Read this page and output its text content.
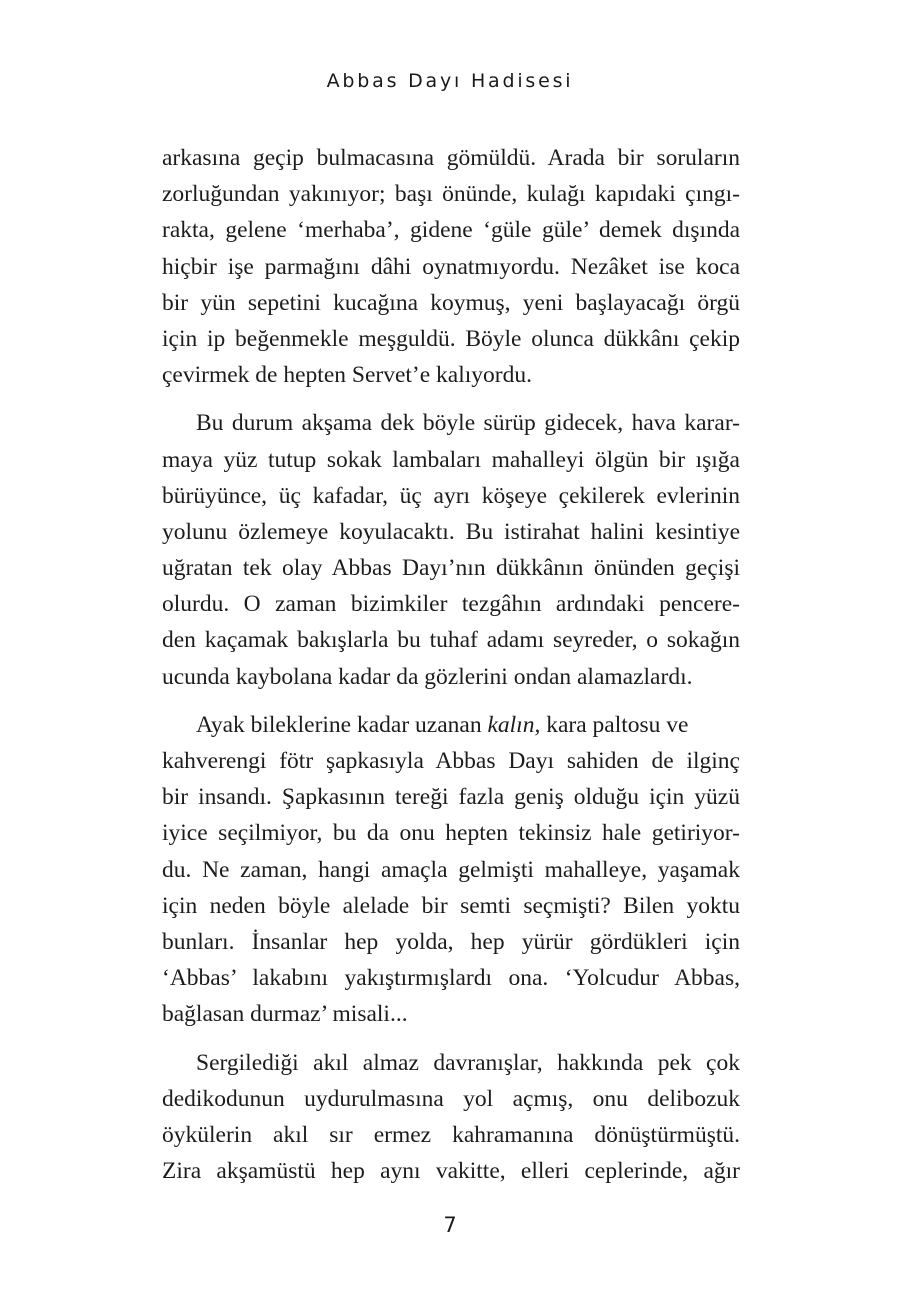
Abbas Dayı Hadisesi
arkasına geçip bulmacasına gömüldü. Arada bir soruların
zorluğundan yakınıyor; başı önünde, kulağı kapıdaki çıngı-
rakta, gelene ‘merhaba’, gidene ‘güle güle’ demek dışında
hiçbir işe parmağını dâhi oynatmıyordu. Nezâket ise koca
bir yün sepetini kucağına koymuş, yeni başlayacağı örgü
için ip beğenmekle meşguldü. Böyle olunca dükkânı çekip
çevirmek de hepten Servet’e kalıyordu.
Bu durum akşama dek böyle sürüp gidecek, hava karar-
maya yüz tutup sokak lambaları mahalleyi ölgün bir ışığa
bürüyünce, üç kafadar, üç ayrı köşeye çekilerek evlerinin
yolunu özlemeye koyulacaktı. Bu istirahat halini kesintiye
uğratan tek olay Abbas Dayı’nın dükkânın önünden geçişi
olurdu. O zaman bizimkiler tezgâhın ardındaki pencere-
den kaçamak bakışlarla bu tuhaf adamı seyreder, o sokağın
ucunda kaybolana kadar da gözlerini ondan alamazlardı.
Ayak bileklerine kadar uzanan kalın, kara paltosu ve
kahverengi fötr şapkasıyla Abbas Dayı sahiden de ilginç
bir insandı. Şapkasının tereği fazla geniş olduğu için yüzü
iyice seçilmiyor, bu da onu hepten tekinsiz hale getiriyor-
du. Ne zaman, hangi amaçla gelmişti mahalleye, yaşamak
için neden böyle alelade bir semti seçmişti? Bilen yoktu
bunları. İnsanlar hep yolda, hep yürür gördükleri için
‘Abbas’ lakabını yakıştırmışlardı ona. ‘Yolcudur Abbas,
bağlasan durmaz’ misali...
Sergilediği akıl almaz davranışlar, hakkında pek çok
dedikodunun uydurulmasına yol açmış, onu delibozuk
öykülerin akıl sır ermez kahramanına dönüştürmüştü.
Zira akşamüstü hep aynı vakitte, elleri ceplerinde, ağır
7
